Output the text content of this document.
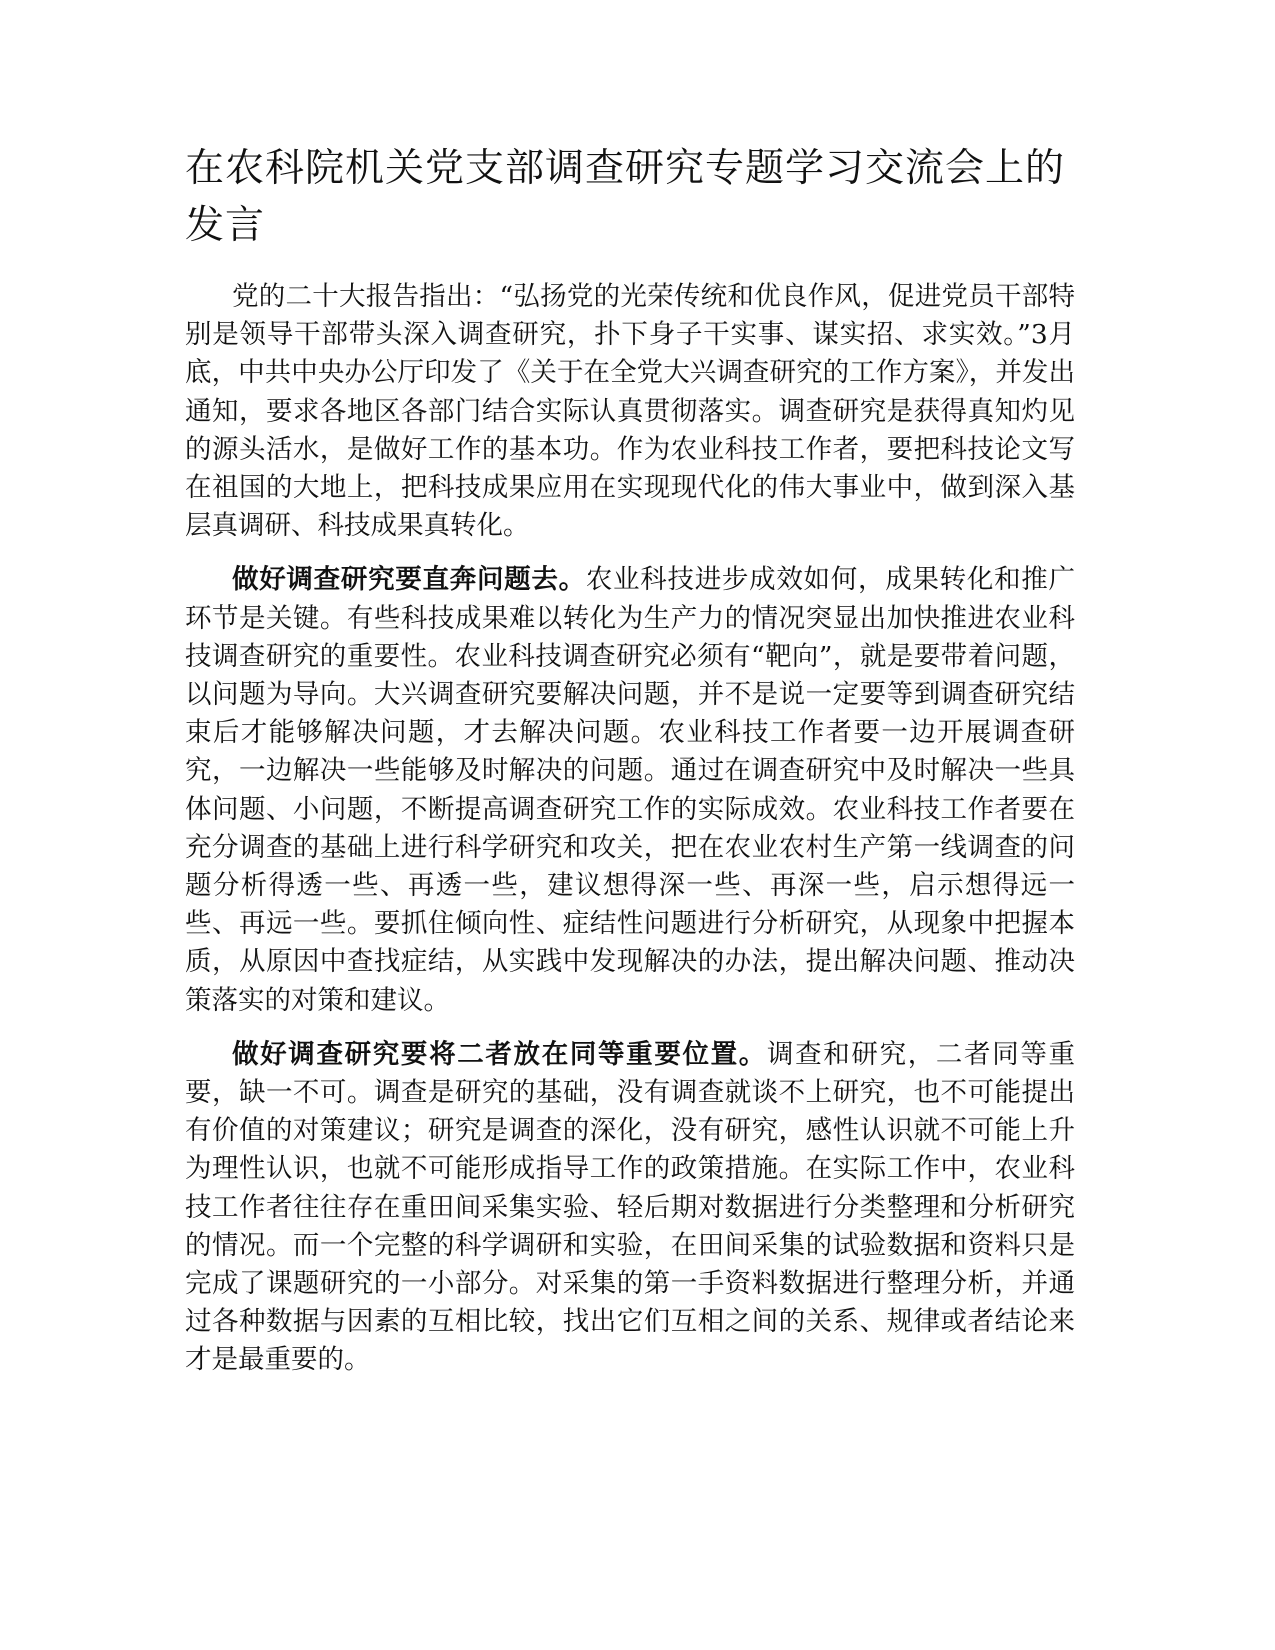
在农科院机关党支部调查研究专题学习交流会上的发言

党的二十大报告指出：“弘扬党的光荣传统和优良作风，促进党员干部特别是领导干部带头深入调查研究，扑下身子干实事、谋实招、求实效。”3月底，中共中央办公厅印发了《关于在全党大兴调查研究的工作方案》，并发出通知，要求各地区各部门结合实际认真贯彻落实。调查研究是获得真知灼见的源头活水，是做好工作的基本功。作为农业科技工作者，要把科技论文写在祖国的大地上，把科技成果应用在实现现代化的伟大事业中，做到深入基层真调研、科技成果真转化。

做好调查研究要直奔问题去。农业科技进步成效如何，成果转化和推广环节是关键。有些科技成果难以转化为生产力的情况突显出加快推进农业科技调查研究的重要性。农业科技调查研究必须有“靶向”，就是要带着问题，以问题为导向。大兴调查研究要解决问题，并不是说一定要等到调查研究结束后才能够解决问题，才去解决问题。农业科技工作者要一边开展调查研究，一边解决一些能够及时解决的问题。通过在调查研究中及时解决一些具体问题、小问题，不断提高调查研究工作的实际成效。农业科技工作者要在充分调查的基础上进行科学研究和攻关，把在农业农村生产第一线调查的问题分析得透一些、再透一些，建议想得深一些、再深一些，启示想得远一些、再远一些。要抓住倾向性、症结性问题进行分析研究，从现象中把握本质，从原因中查找症结，从实践中发现解决的办法，提出解决问题、推动决策落实的对策和建议。

做好调查研究要将二者放在同等重要位置。调查和研究，二者同等重要，缺一不可。调查是研究的基础，没有调查就谈不上研究，也不可能提出有价值的对策建议；研究是调查的深化，没有研究，感性认识就不可能上升为理性认识，也就不可能形成指导工作的政策措施。在实际工作中，农业科技工作者往往存在重田间采集实验、轻后期对数据进行分类整理和分析研究的情况。而一个完整的科学调研和实验，在田间采集的试验数据和资料只是完成了课题研究的一小部分。对采集的第一手资料数据进行整理分析，并通过各种数据与因素的互相比较，找出它们互相之间的关系、规律或者结论来才是最重要的。
